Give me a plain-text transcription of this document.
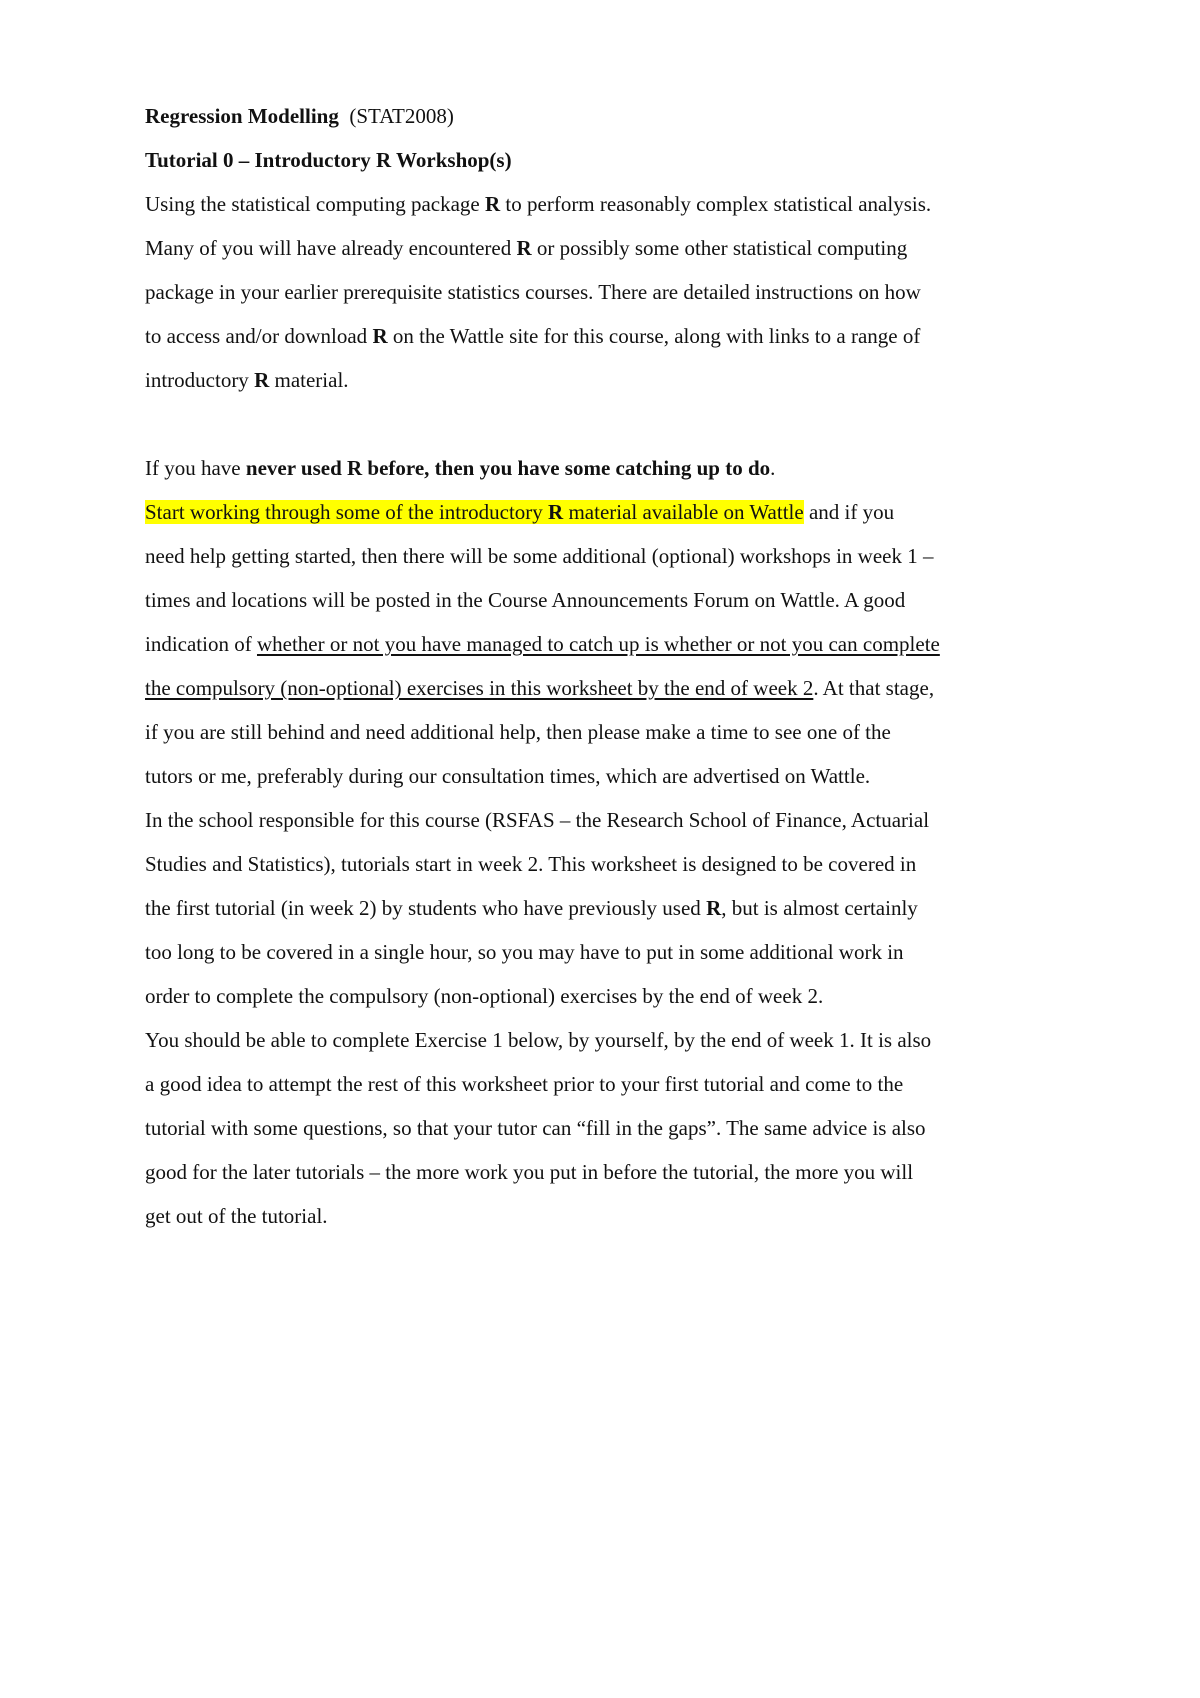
Regression Modelling (STAT2008)
Tutorial 0 – Introductory R Workshop(s)
Using the statistical computing package R to perform reasonably complex statistical analysis.
Many of you will have already encountered R or possibly some other statistical computing
package in your earlier prerequisite statistics courses. There are detailed instructions on how
to access and/or download R on the Wattle site for this course, along with links to a range of
introductory R material.
If you have never used R before, then you have some catching up to do.
Start working through some of the introductory R material available on Wattle and if you
need help getting started, then there will be some additional (optional) workshops in week 1 –
times and locations will be posted in the Course Announcements Forum on Wattle. A good
indication of whether or not you have managed to catch up is whether or not you can complete
the compulsory (non-optional) exercises in this worksheet by the end of week 2. At that stage,
if you are still behind and need additional help, then please make a time to see one of the
tutors or me, preferably during our consultation times, which are advertised on Wattle.
In the school responsible for this course (RSFAS – the Research School of Finance, Actuarial
Studies and Statistics), tutorials start in week 2. This worksheet is designed to be covered in
the first tutorial (in week 2) by students who have previously used R, but is almost certainly
too long to be covered in a single hour, so you may have to put in some additional work in
order to complete the compulsory (non-optional) exercises by the end of week 2.
You should be able to complete Exercise 1 below, by yourself, by the end of week 1. It is also
a good idea to attempt the rest of this worksheet prior to your first tutorial and come to the
tutorial with some questions, so that your tutor can “fill in the gaps”. The same advice is also
good for the later tutorials – the more work you put in before the tutorial, the more you will
get out of the tutorial.
